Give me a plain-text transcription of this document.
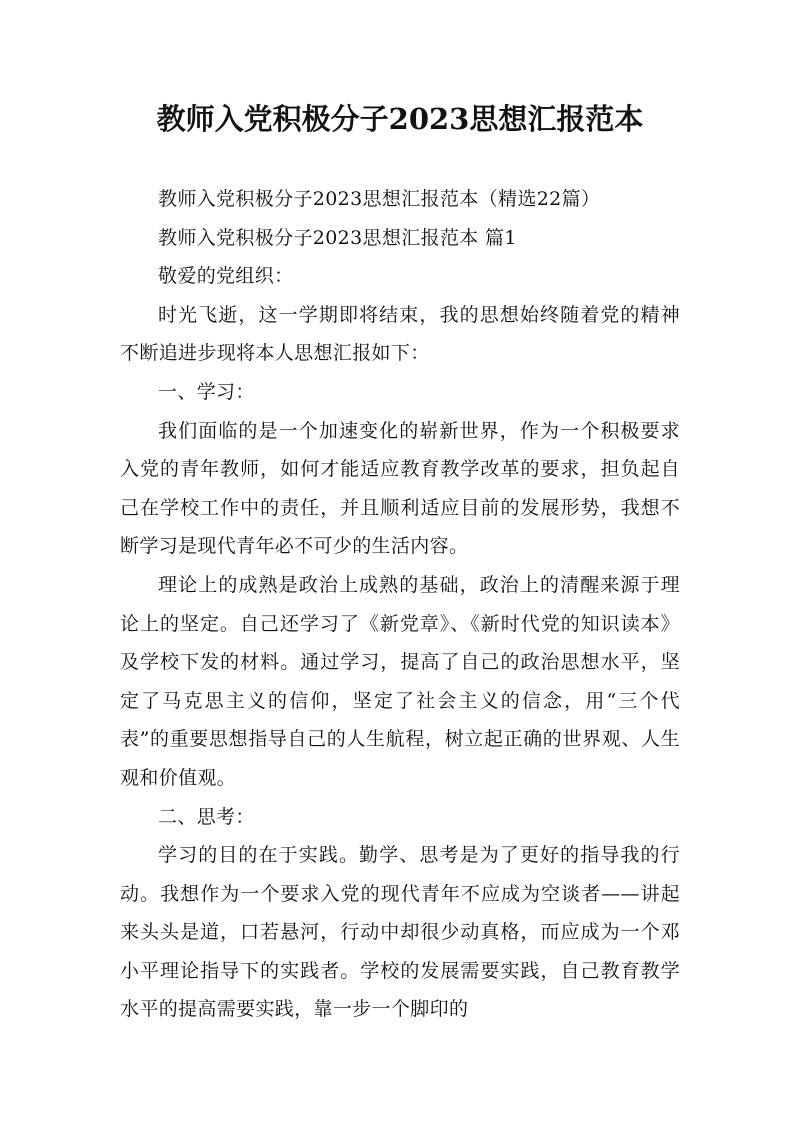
教师入党积极分子2023思想汇报范本

教师入党积极分子2023思想汇报范本（精选22篇）

教师入党积极分子2023思想汇报范本 篇1

敬爱的党组织：

时光飞逝，这一学期即将结束，我的思想始终随着党的精神不断追进步现将本人思想汇报如下：

一、学习：

我们面临的是一个加速变化的崭新世界，作为一个积极要求入党的青年教师，如何才能适应教育教学改革的要求，担负起自己在学校工作中的责任，并且顺利适应目前的发展形势，我想不断学习是现代青年必不可少的生活内容。

理论上的成熟是政治上成熟的基础，政治上的清醒来源于理论上的坚定。自己还学习了《新党章》、《新时代党的知识读本》及学校下发的材料。通过学习，提高了自己的政治思想水平，坚定了马克思主义的信仰，坚定了社会主义的信念，用“三个代表”的重要思想指导自己的人生航程，树立起正确的世界观、人生观和价值观。

二、思考：

学习的目的在于实践。勤学、思考是为了更好的指导我的行动。我想作为一个要求入党的现代青年不应成为空谈者——讲起来头头是道，口若悬河，行动中却很少动真格，而应成为一个邓小平理论指导下的实践者。学校的发展需要实践，自己教育教学水平的提高需要实践，靠一步一个脚印的
